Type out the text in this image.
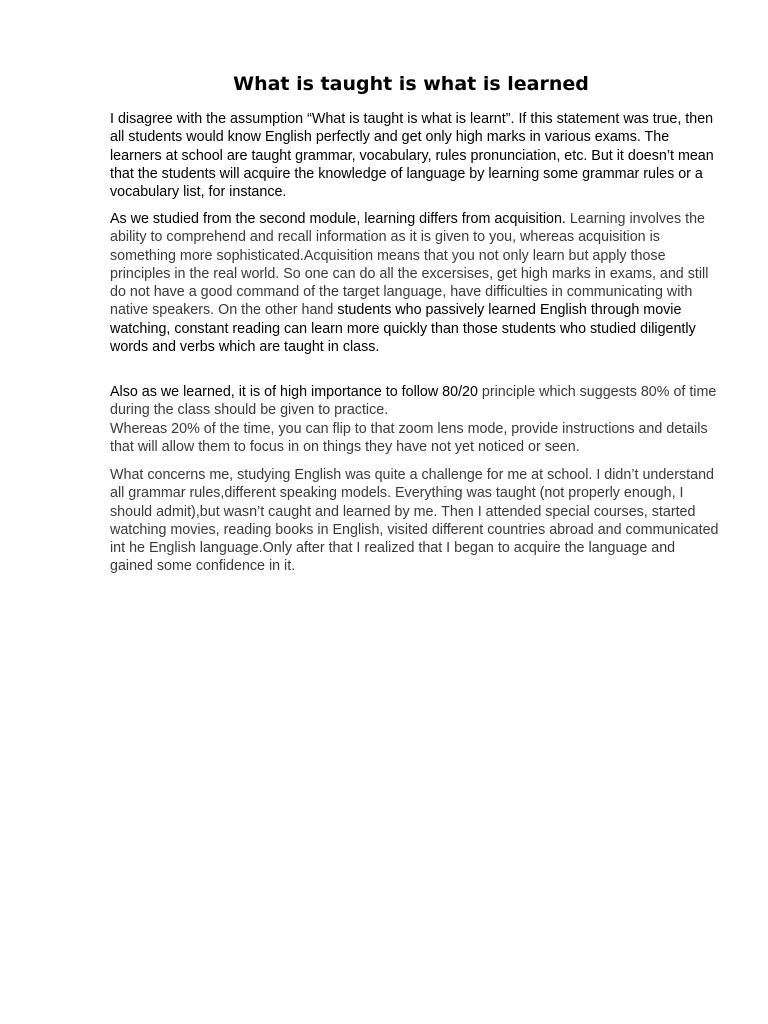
What is taught is what is learned

I disagree with the assumption “What is taught is what is learnt”. If this statement was true, then all students would know English perfectly and get only high marks in various exams. The learners at school are taught grammar, vocabulary, rules pronunciation, etc. But it doesn’t mean that the students will acquire the knowledge of language by learning some grammar rules or a vocabulary list, for instance.

As we studied from the second module, learning differs from acquisition. Learning involves the ability to comprehend and recall information as it is given to you, whereas acquisition is something more sophisticated.Acquisition means that you not only learn but apply those principles in the real world. So one can do all the excersises, get high marks in exams, and still do not have a good command of the target language, have difficulties in communicating with native speakers. On the other hand students who passively learned English through movie watching, constant reading can learn more quickly than those students who studied diligently words and verbs which are taught in class.

Also as we learned, it is of high importance to follow 80/20 principle which suggests 80% of time during the class should be given to practice.
Whereas 20% of the time, you can flip to that zoom lens mode, provide instructions and details that will allow them to focus in on things they have not yet noticed or seen.

What concerns me, studying English was quite a challenge for me at school. I didn’t understand all grammar rules,different speaking models. Everything was taught (not properly enough, I should admit),but wasn’t caught and learned by me. Then I attended special courses, started watching movies, reading books in English, visited different countries abroad and communicated int he English language.Only after that I realized that I began to acquire the language and gained some confidence in it.
